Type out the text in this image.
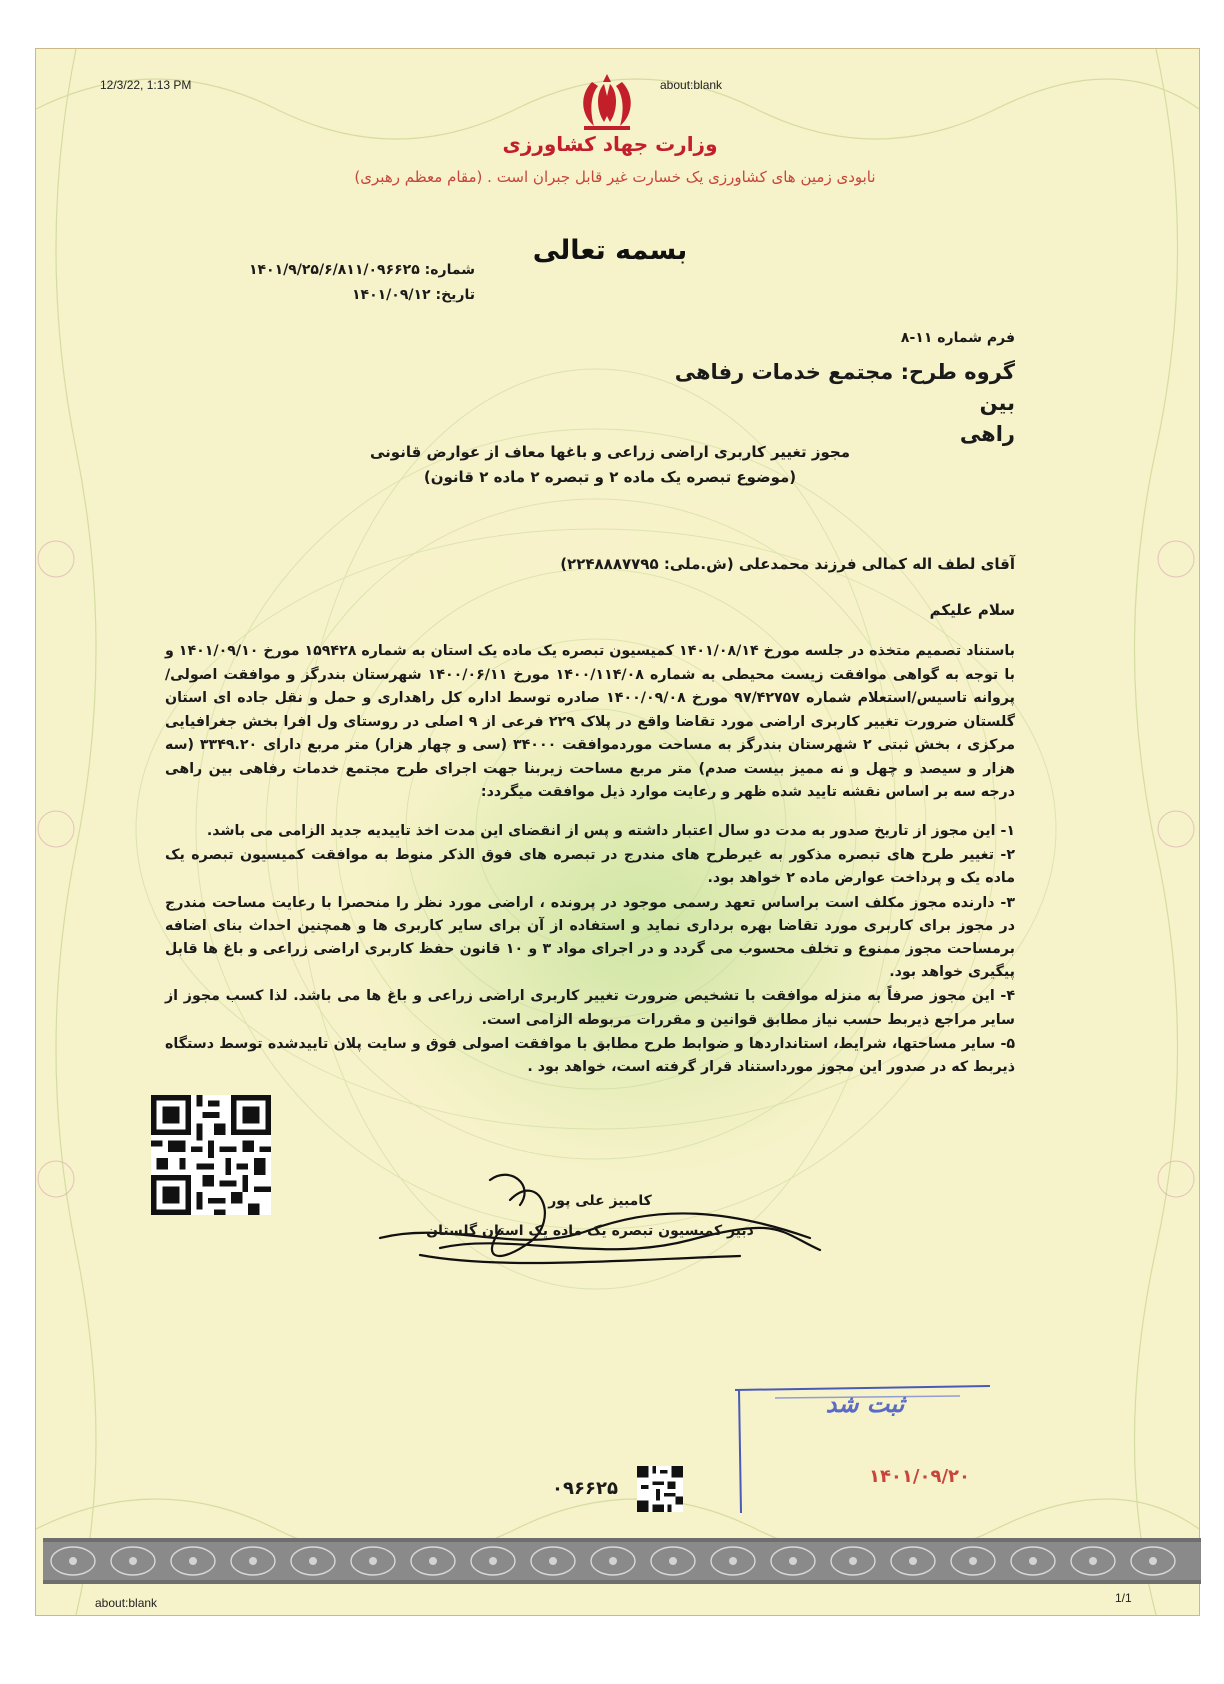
12/3/22, 1:13 PM	about:blank
وزارت جهاد کشاورزی
نابودی زمین های کشاورزی یک خسارت غیر قابل جبران است . (مقام معظم رهبری)
بسمه تعالی
شماره: ۱۴۰۱/۹/۲۵/۶/۸۱۱/۰۹۶۶۲۵
تاریخ: ۱۴۰۱/۰۹/۱۲
فرم شماره ۱۱-۸
گروه طرح: مجتمع خدمات رفاهی بین
راهی
مجوز تغییر کاربری اراضی زراعی و باغها معاف از عوارض قانونی
(موضوع تبصره یک ماده ۲ و تبصره ۲ ماده ۲ قانون)
آقای لطف اله کمالی فرزند محمدعلی (ش.ملی: ۲۲۴۸۸۸۷۷۹۵)
سلام علیکم
باستناد تصمیم متخذه در جلسه مورخ ۱۴۰۱/۰۸/۱۴ کمیسیون تبصره یک ماده یک استان به شماره ۱۵۹۴۲۸ مورخ ۱۴۰۱/۰۹/۱۰ و با توجه به گواهی موافقت زیست محیطی به شماره ۱۴۰۰/۱۱۴/۰۸ مورخ ۱۴۰۰/۰۶/۱۱ شهرستان بندرگز و موافقت اصولی/پروانه تاسیس/استعلام شماره ۹۷/۴۲۷۵۷ مورخ ۱۴۰۰/۰۹/۰۸ صادره توسط اداره کل راهداری و حمل و نقل جاده ای استان گلستان ضرورت تغییر کاربری اراضی مورد تقاضا واقع در پلاک ۲۲۹ فرعی از ۹ اصلی در روستای ول افرا بخش جغرافیایی مرکزی ، بخش ثبتی ۲ شهرستان بندرگز به مساحت موردموافقت ۳۴۰۰۰ (سی و چهار هزار) متر مربع دارای ۳۳۴۹.۲۰ (سه هزار و سیصد و چهل و نه ممیز بیست صدم) متر مربع مساحت زیربنا جهت اجرای طرح مجتمع خدمات رفاهی بین راهی درجه سه بر اساس نقشه تایید شده ظهر و رعایت موارد ذیل موافقت میگردد:
۱- این مجوز از تاریخ صدور به مدت دو سال اعتبار داشته و پس از انقضای این مدت اخذ تاییدیه جدید الزامی می باشد.
۲- تغییر طرح های تبصره مذکور به غیرطرح های مندرج در تبصره های فوق الذکر منوط به موافقت کمیسیون تبصره یک ماده یک و پرداخت عوارض ماده ۲ خواهد بود.
۳- دارنده مجوز مکلف است براساس تعهد رسمی موجود در پرونده ، اراضی مورد نظر را منحصرا با رعایت مساحت مندرج در مجوز برای کاربری مورد تقاضا بهره برداری نماید و استفاده از آن برای سایر کاربری ها و همچنین احداث بنای اضافه برمساحت مجوز ممنوع و تخلف محسوب می گردد و در اجرای مواد ۳ و ۱۰ قانون حفظ کاربری اراضی زراعی و باغ ها قابل پیگیری خواهد بود.
۴- این مجوز صرفاً به منزله موافقت با تشخیص ضرورت تغییر کاربری اراضی زراعی و باغ ها می باشد. لذا کسب مجوز از سایر مراجع ذیربط حسب نیاز مطابق قوانین و مقررات مربوطه الزامی است.
۵- سایر مساحتها، شرایط، استانداردها و ضوابط طرح مطابق با موافقت اصولی فوق و سایت پلان تاییدشده توسط دستگاه ذیربط که در صدور این مجوز مورداستناد قرار گرفته است، خواهد بود .
کامبیز علی پور
دبیر کمیسیون تبصره یک ماده یک استان گلستان
ثبت شد
۱۴۰۱/۰۹/۲۰
۰۹۶۶۲۵
about:blank	1/1
